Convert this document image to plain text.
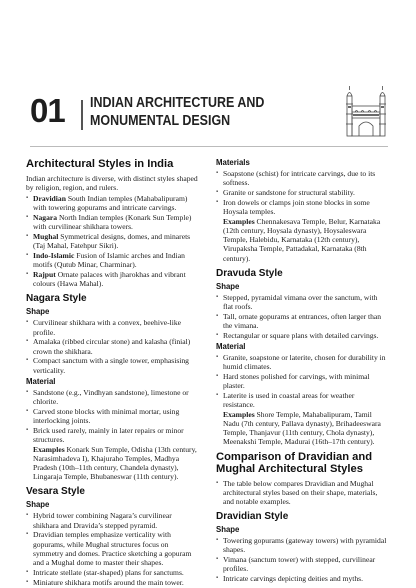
01 INDIAN ARCHITECTURE AND
MONUMENTAL DESIGN
Architectural Styles in India

Indian architecture is diverse, with distinct styles shaped by religion, region, and rulers.

▪ Dravidian South Indian temples (Mahabalipuram) with towering gopurams and intricate carvings.
▪ Nagara North Indian temples (Konark Sun Temple) with curvilinear shikhara towers.
▪ Mughal Symmetrical designs, domes, and minarets (Taj Mahal, Fatehpur Sikri).
▪ Indo-Islamic Fusion of Islamic arches and Indian motifs (Qutub Minar, Charminar).
▪ Rajput Ornate palaces with jharokhas and vibrant colours (Hawa Mahal).
Nagara Style
Shape
▪ Curvilinear shikhara with a convex, beehive-like profile.
▪ Amalaka (ribbed circular stone) and kalasha (finial) crown the shikhara.
▪ Compact sanctum with a single tower, emphasising verticality.
Material
▪ Sandstone (e.g., Vindhyan sandstone), limestone or chlorite.
▪ Carved stone blocks with minimal mortar, using interlocking joints.
▪ Brick used rarely, mainly in later repairs or minor structures.
Examples Konark Sun Temple, Odisha (13th century, Narasimhadeva I), Khajuraho Temples, Madhya Pradesh (10th–11th century, Chandela dynasty), Lingaraja Temple, Bhubaneswar (11th century).
Vesara Style
Shape
▪ Hybrid tower combining Nagara’s curvilinear shikhara and Dravida’s stepped pyramid.
▪ Dravidian temples emphasize verticality with gopurams, while Mughal structures focus on symmetry and domes. Practice sketching a gopuram and a Mughal dome to master their shapes.
▪ Intricate stellate (star-shaped) plans for sanctums.
▪ Miniature shikhara motifs around the main tower.
Materials
▪ Soapstone (schist) for intricate carvings, due to its softness.
▪ Granite or sandstone for structural stability.
▪ Iron dowels or clamps join stone blocks in some Hoysala temples.
Examples Chennakesava Temple, Belur, Karnataka (12th century, Hoysala dynasty), Hoysaleswara Temple, Halebidu, Karnataka (12th century), Virupaksha Temple, Pattadakal, Karnataka (8th century).
Dravuda Style
Shape
▪ Stepped, pyramidal vimana over the sanctum, with flat roofs.
▪ Tall, ornate gopurams at entrances, often larger than the vimana.
▪ Rectangular or square plans with detailed carvings.
Material
▪ Granite, soapstone or laterite, chosen for durability in humid climates.
▪ Hard stones polished for carvings, with minimal plaster.
▪ Laterite is used in coastal areas for weather resistance.
Examples Shore Temple, Mahabalipuram, Tamil Nadu (7th century, Pallava dynasty), Brihadeeswara Temple, Thanjavur (11th century, Chola dynasty), Meenakshi Temple, Madurai (16th–17th century).
Comparison of Dravidian and
Mughal Architectural Styles
▪ The table below compares Dravidian and Mughal architectural styles based on their shape, materials, and notable examples.
Dravidian Style
Shape
▪ Towering gopurams (gateway towers) with pyramidal shapes.
▪ Vimana (sanctum tower) with stepped, curvilinear profiles.
▪ Intricate carvings depicting deities and myths.
